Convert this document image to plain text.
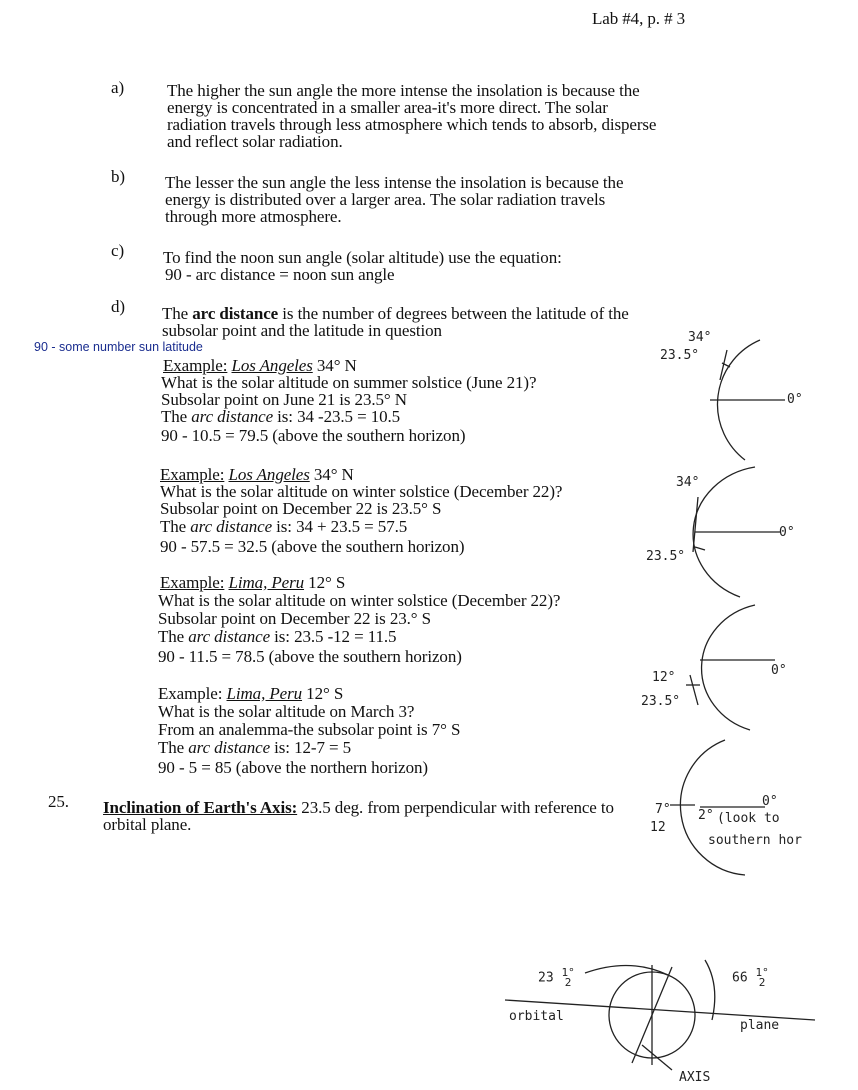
Lab #4, p. # 3
a)	The higher the sun angle the more intense the insolation is because the
energy is concentrated in a smaller area-it's more direct. The solar
radiation travels through less atmosphere which tends to absorb, disperse
and reflect solar radiation.
b) The lesser the sun angle the less intense the insolation is because the
energy is distributed over a larger area. The solar radiation travels
through more atmosphere.
c) To find the noon sun angle (solar altitude) use the equation:
90 - arc distance = noon sun angle
d) The arc distance is the number of degrees between the latitude of the
subsolar point and the latitude in question
90 - some number sun latitude
Example: Los Angeles 34° N
What is the solar altitude on summer solstice (June 21)?
Subsolar point on June 21 is 23.5° N
The arc distance is: 34 -23.5 = 10.5
90 - 10.5 = 79.5 (above the southern horizon)
Example: Los Angeles 34° N
What is the solar altitude on winter solstice (December 22)?
Subsolar point on December 22 is 23.5° S
The arc distance is: 34 + 23.5 = 57.5
90 - 57.5 = 32.5 (above the southern horizon)
Example: Lima, Peru 12° S
What is the solar altitude on winter solstice (December 22)?
Subsolar point on December 22 is 23.° S
The arc distance is: 23.5 -12 = 11.5
90 - 11.5 = 78.5 (above the southern horizon)
Example: Lima, Peru 12° S
What is the solar altitude on March 3?
From an analemma-the subsolar point is 7° S
The arc distance is: 12-7 = 5
90 - 5 = 85 (above the northern horizon)
25. Inclination of Earth's Axis: 23.5 deg. from perpendicular with reference to
orbital plane.
34°
23.5°
0°
34°
23.5°
0°
12°
23.5°
0°
7°
12
2° (look to
southern hor
0°
23 1°
2	66 1°
2
orbital
plane
AXIS
